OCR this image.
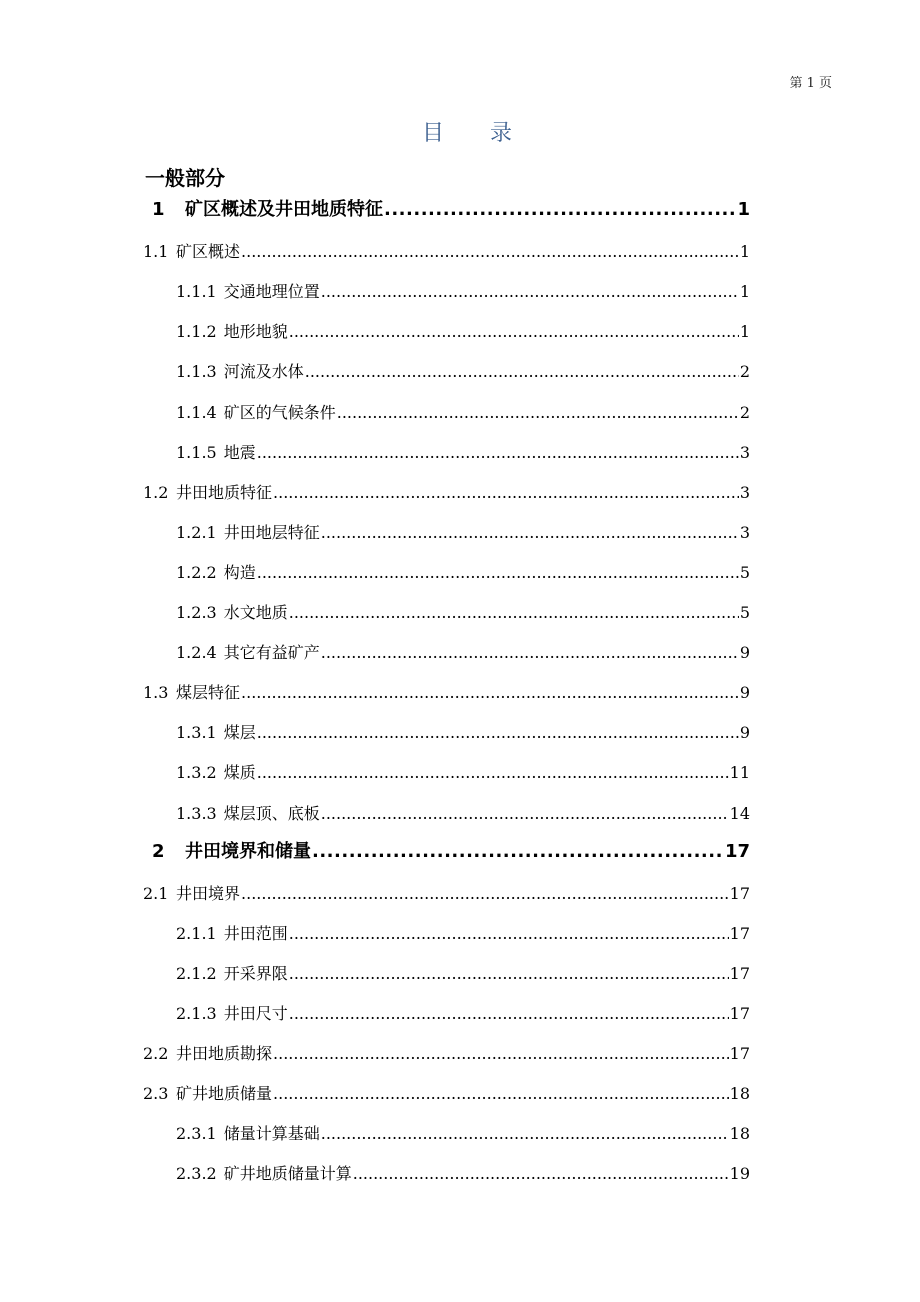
第 1 页
目录
一般部分
1	矿区概述及井田地质特征 .....	1
1.1 矿区概述 .....	1
1.1.1 交通地理位置 .....	1
1.1.2 地形地貌 .....	1
1.1.3 河流及水体 .....	2
1.1.4 矿区的气候条件 .....	2
1.1.5 地震 .....	3
1.2 井田地质特征 .....	3
1.2.1 井田地层特征 .....	3
1.2.2 构造 .....	5
1.2.3 水文地质 .....	5
1.2.4 其它有益矿产 .....	9
1.3 煤层特征 .....	9
1.3.1 煤层 .....	9
1.3.2 煤质 .....	11
1.3.3 煤层顶、底板 .....	14
2	井田境界和储量 .....	17
2.1 井田境界 .....	17
2.1.1 井田范围 .....	17
2.1.2 开采界限 .....	17
2.1.3 井田尺寸 .....	17
2.2 井田地质勘探 .....	17
2.3 矿井地质储量 .....	18
2.3.1 储量计算基础 .....	18
2.3.2 矿井地质储量计算 .....	19
